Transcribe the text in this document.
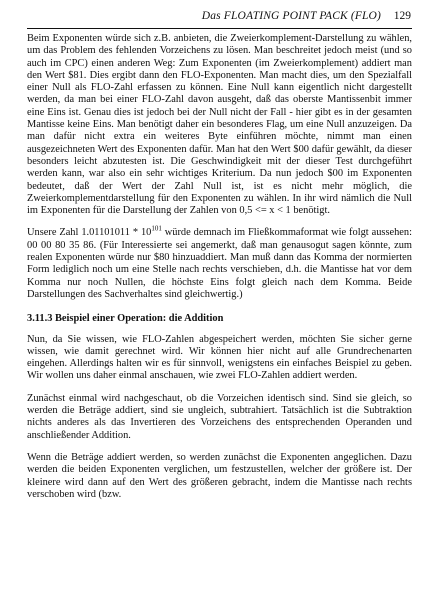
Das FLOATING POINT PACK (FLO) 129

Beim Exponenten würde sich z.B. anbieten, die Zweierkomplement-Darstellung zu wählen, um das Problem des fehlenden Vorzeichens zu lösen. Man beschreitet jedoch meist (und so auch im CPC) einen anderen Weg: Zum Exponenten (im Zweierkomplement) addiert man den Wert $81. Dies ergibt dann den FLO-Exponenten. Man macht dies, um den Spezialfall einer Null als FLO-Zahl erfassen zu können. Eine Null kann eigentlich nicht dargestellt werden, da man bei einer FLO-Zahl davon ausgeht, daß das oberste Mantissenbit immer eine Eins ist. Genau dies ist jedoch bei der Null nicht der Fall - hier gibt es in der gesamten Mantisse keine Eins. Man benötigt daher ein besonderes Flag, um eine Null anzuzeigen. Da man dafür nicht extra ein weiteres Byte einführen möchte, nimmt man einen ausgezeichneten Wert des Exponenten dafür. Man hat den Wert $00 dafür gewählt, da dieser besonders leicht abzutesten ist. Die Geschwindigkeit mit der dieser Test durchgeführt werden kann, war also ein sehr wichtiges Kriterium. Da nun jedoch $00 im Exponenten bedeutet, daß der Wert der Zahl Null ist, ist es nicht mehr möglich, die Zweierkomplementdarstellung für den Exponenten zu wählen. In ihr wird nämlich die Null im Exponenten für die Darstellung der Zahlen von 0,5 <= x < 1 benötigt.

Unsere Zahl $1.01101011 * 10^{101}$ würde demnach im Fließkommaformat wie folgt aussehen: 00 00 80 35 86. (Für Interessierte sei angemerkt, daß man genausogut sagen könnte, zum realen Exponenten würde nur $80 hinzuaddiert. Man muß dann das Komma der normierten Form lediglich noch um eine Stelle nach rechts verschieben, d.h. die Mantisse hat vor dem Komma nur noch Nullen, die höchste Eins folgt gleich nach dem Komma. Beide Darstellungen des Sachverhaltes sind gleichwertig.)

3.11.3 Beispiel einer Operation: die Addition

Nun, da Sie wissen, wie FLO-Zahlen abgespeichert werden, möchten Sie sicher gerne wissen, wie damit gerechnet wird. Wir können hier nicht auf alle Grundrechenarten eingehen. Allerdings halten wir es für sinnvoll, wenigstens ein einfaches Beispiel zu geben. Wir wollen uns daher einmal anschauen, wie zwei FLO-Zahlen addiert werden.

Zunächst einmal wird nachgeschaut, ob die Vorzeichen identisch sind. Sind sie gleich, so werden die Beträge addiert, sind sie ungleich, subtrahiert. Tatsächlich ist die Subtraktion nichts anderes als das Invertieren des Vorzeichens des entsprechenden Operanden und anschließender Addition.

Wenn die Beträge addiert werden, so werden zunächst die Exponenten angeglichen. Dazu werden die beiden Exponenten verglichen, um festzustellen, welcher der größere ist. Der kleinere wird dann auf den Wert des größeren gebracht, indem die Mantisse nach rechts verschoben wird (bzw.
